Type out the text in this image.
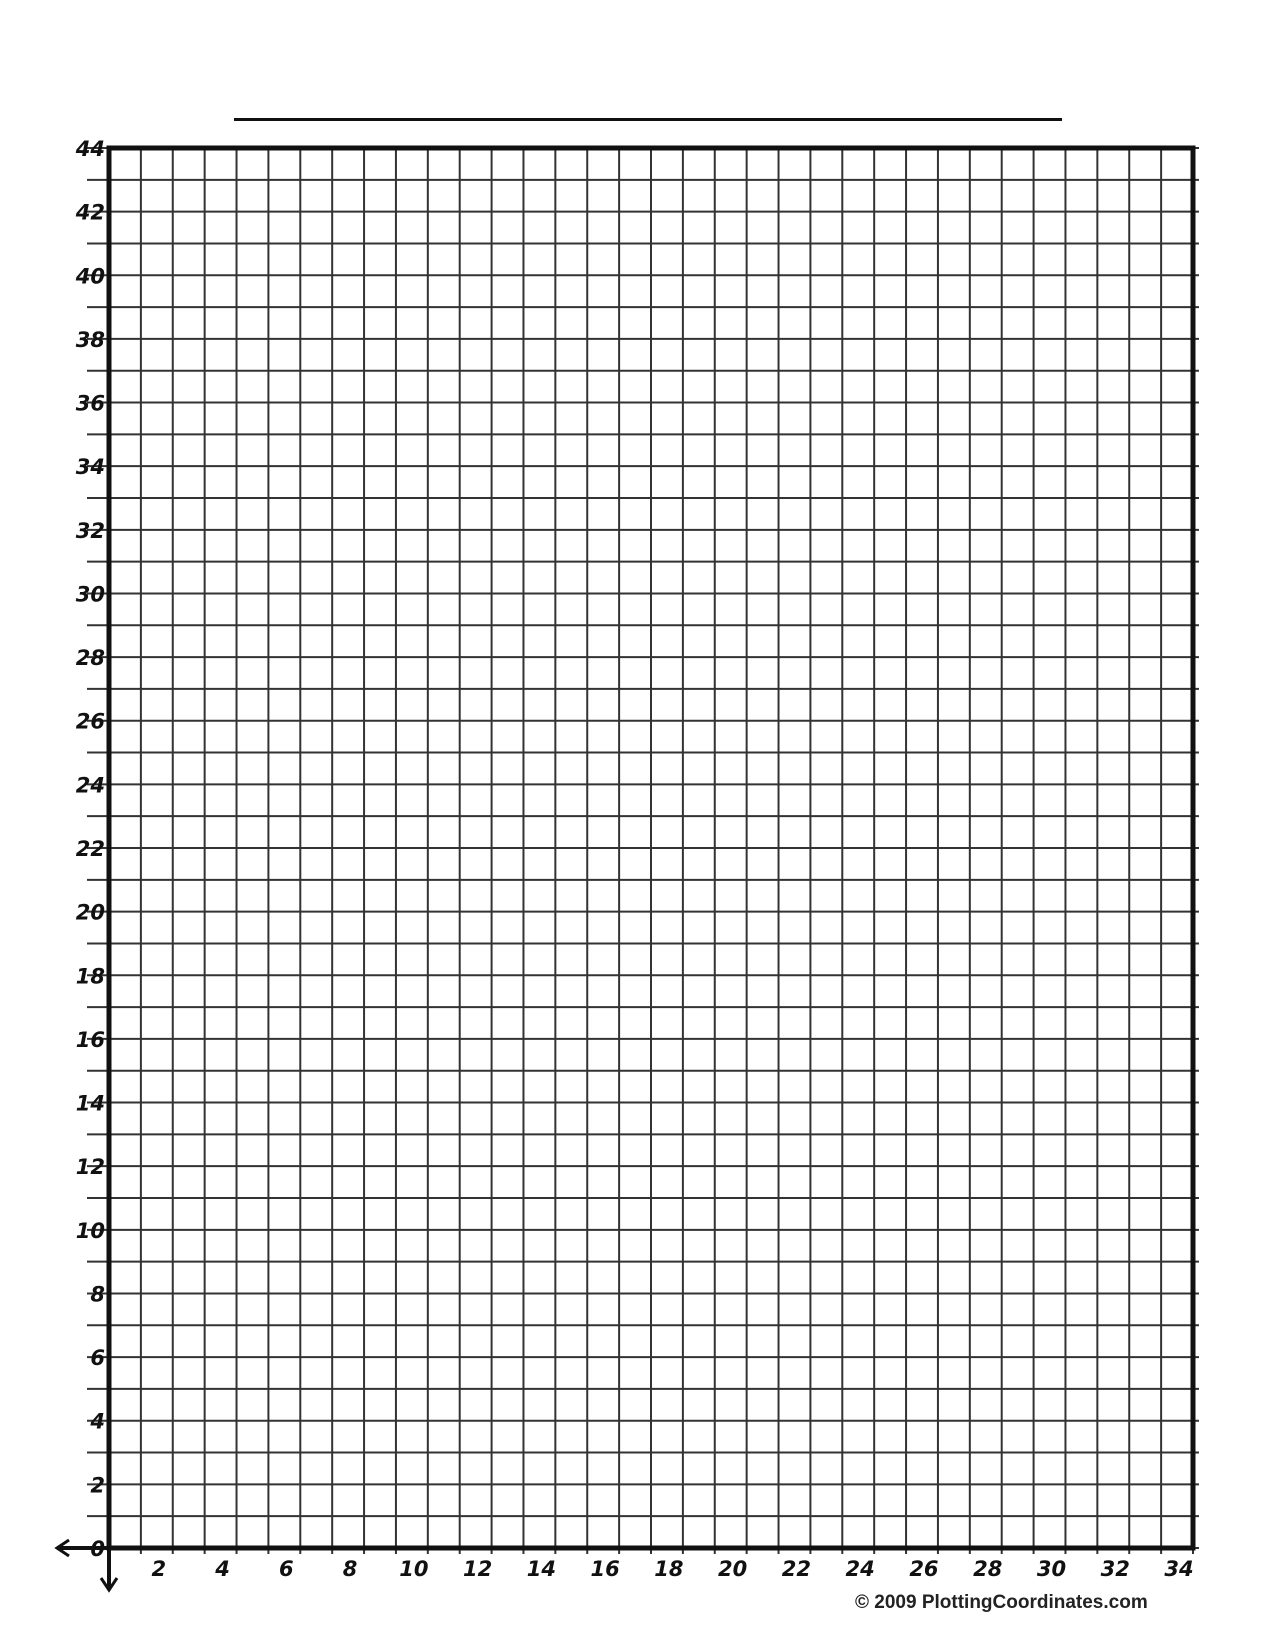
2 4 6 8 10 12 14 16 18 20 22 24 26 28 30 32 34
0
2
4
6
8
10
12
14
16
18
20
22
24
26
28
30
32
34
36
38
40
42
44
© 2009 PlottingCoordinates.com
